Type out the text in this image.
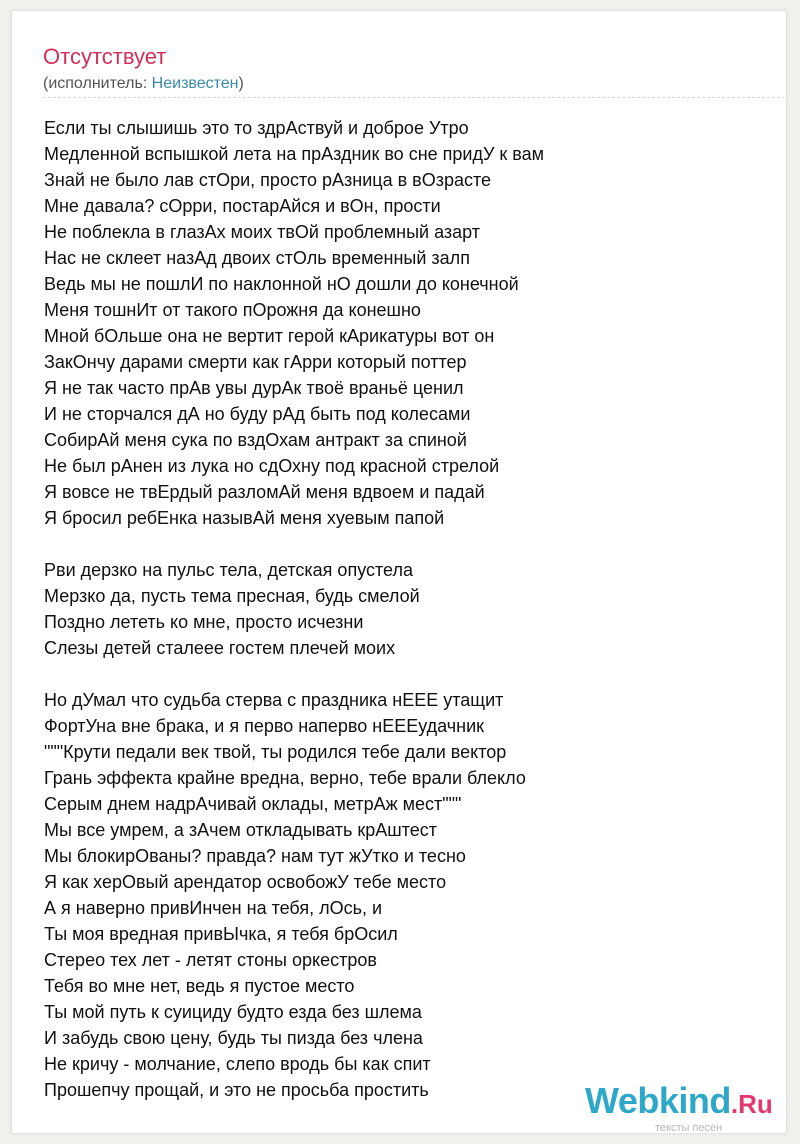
Отсутствует
(исполнитель: Неизвестен)
Если ты слышишь это то здрАствуй и доброе Утро
Медленной вспышкой лета на прАздник во сне придУ к вам
Знай не было лав стОри, просто рАзница в вОзрасте
Мне давала? сОрри, постарАйся и вОн, прости
Не поблекла в глазАх моих твОй проблемный азарт
Нас не склеет назАд двоих стОль временный залп
Ведь мы не пошлИ по наклонной нО дошли до конечной
Меня тошнИт от такого пОрожня да конешно
Мной бОльше она не вертит герой кАрикатуры вот он
ЗакОнчу дарами смерти как гАрри который поттер
Я не так часто прАв увы дурАк твоё враньё ценил
И не сторчался дА но буду рАд быть под колесами
СобирАй меня сука по вздОхам антракт за спиной
Не был рАнен из лука но сдОхну под красной стрелой
Я вовсе не твЕрдый разломАй меня вдвоем и падай
Я бросил ребЕнка назывАй меня хуевым папой
Рви дерзко на пульс тела, детская опустела
Мерзко да, пусть тема пресная, будь смелой
Поздно лететь ко мне, просто исчезни
Слезы детей сталеее гостем плечей моих
Но дУмал что судьба стерва с праздника нЕЕЕ утащит
ФортУна вне брака, и я перво наперво нЕЕЕудачник
"""Крути педали век твой, ты родился тебе дали вектор
Грань эффекта крайне вредна, верно, тебе врали блекло
Серым днем надрАчивай оклады, метрАж мест"""
Мы все умрем, а зАчем откладывать крАштест
Мы блокирОваны? правда? нам тут жУтко и тесно
Я как херОвый арендатор освобожУ тебе место
А я наверно привИнчен на тебя, лОсь, и
Ты моя вредная привЫчка, я тебя брОсил
Стерео тех лет - летят стоны оркестров
Тебя во мне нет, ведь я пустое место
Ты мой путь к суициду будто езда без шлема
И забудь свою цену, будь ты пизда без члена
Не кричу - молчание, слепо вродь бы как спит
Прошепчу прощай, и это не просьба простить	Webkind.Ru
тексты песен
